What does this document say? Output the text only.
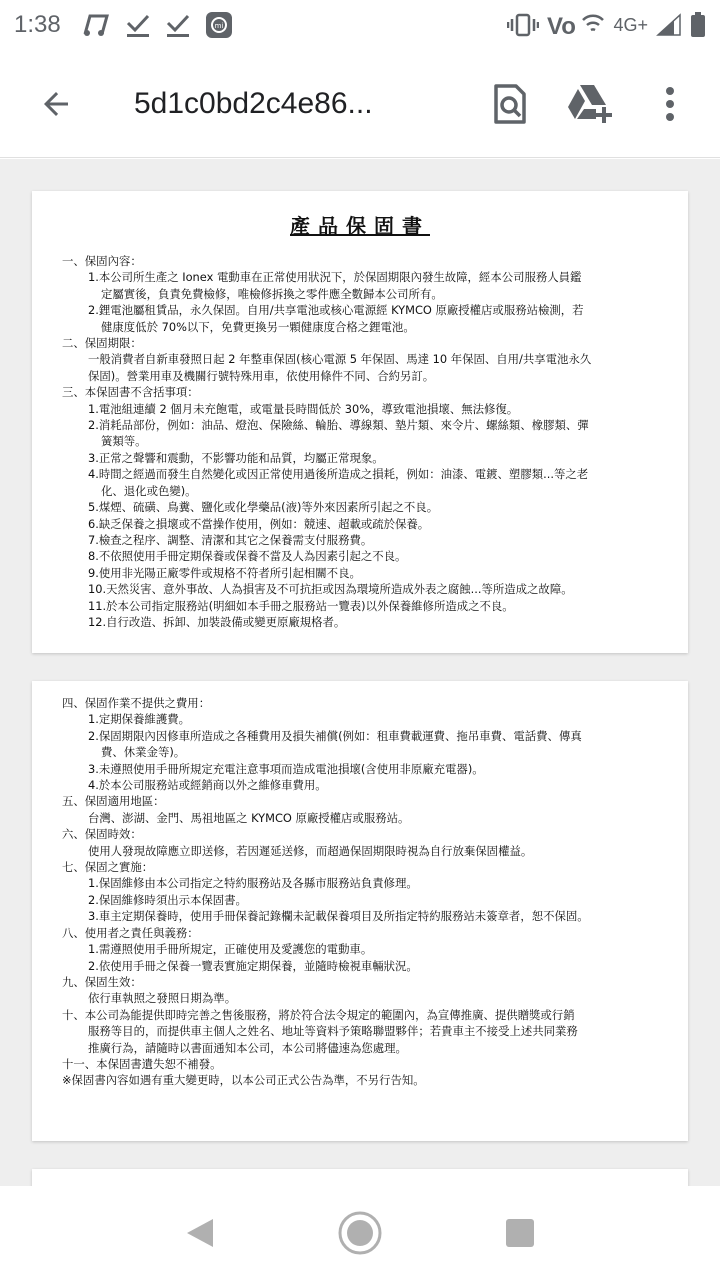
1:38	mi	Vo 4G+
5d1c0bd2c4e86...
產品保固書
一、保固內容：
1.本公司所生產之 Ionex 電動車在正常使用狀況下，於保固期限內發生故障，經本公司服務人員鑑
定屬實後，負責免費檢修，唯檢修拆換之零件應全數歸本公司所有。
2.鋰電池屬租賃品，永久保固。自用/共享電池或核心電源經 KYMCO 原廠授權店或服務站檢測，若
健康度低於 70%以下，免費更換另一顆健康度合格之鋰電池。
二、保固期限：
一般消費者自新車發照日起 2 年整車保固(核心電源 5 年保固、馬達 10 年保固、自用/共享電池永久
保固)。營業用車及機關行號特殊用車，依使用條件不同、合約另訂。
三、本保固書不含括事項：
1.電池組連續 2 個月未充飽電，或電量長時間低於 30%，導致電池損壞、無法修復。
2.消耗品部份，例如：油品、燈泡、保險絲、輪胎、導線類、墊片類、來令片、螺絲類、橡膠類、彈
簧類等。
3.正常之聲響和震動，不影響功能和品質，均屬正常現象。
4.時間之經過而發生自然變化或因正常使用過後所造成之損耗，例如：油漆、電鍍、塑膠類...等之老
化、退化或色變)。
5.煤煙、硫磺、鳥糞、鹽化或化學藥品(液)等外來因素所引起之不良。
6.缺乏保養之損壞或不當操作使用，例如：競速、超載或疏於保養。
7.檢查之程序、調整、清潔和其它之保養需支付服務費。
8.不依照使用手冊定期保養或保養不當及人為因素引起之不良。
9.使用非光陽正廠零件或規格不符者所引起相關不良。
10.天然災害、意外事故、人為損害及不可抗拒或因為環境所造成外表之腐蝕...等所造成之故障。
11.於本公司指定服務站(明細如本手冊之服務站一覽表)以外保養維修所造成之不良。
12.自行改造、拆卸、加裝設備或變更原廠規格者。
四、保固作業不提供之費用：
1.定期保養維護費。
2.保固期限內因修車所造成之各種費用及損失補償(例如：租車費載運費、拖吊車費、電話費、傳真
費、休業金等)。
3.未遵照使用手冊所規定充電注意事項而造成電池損壞(含使用非原廠充電器)。
4.於本公司服務站或經銷商以外之維修車費用。
五、保固適用地區：
台灣、澎湖、金門、馬祖地區之 KYMCO 原廠授權店或服務站。
六、保固時效：
使用人發現故障應立即送修，若因遲延送修，而超過保固期限時視為自行放棄保固權益。
七、保固之實施：
1.保固維修由本公司指定之特約服務站及各縣市服務站負責修理。
2.保固維修時須出示本保固書。
3.車主定期保養時，使用手冊保養記錄欄未記載保養項目及所指定特約服務站未簽章者，恕不保固。
八、使用者之責任與義務：
1.需遵照使用手冊所規定，正確使用及愛護您的電動車。
2.依使用手冊之保養一覽表實施定期保養，並隨時檢視車輛狀況。
九、保固生效：
依行車執照之發照日期為準。
十、本公司為能提供即時完善之售後服務，將於符合法令規定的範圍內，為宣傳推廣、提供贈獎或行銷
服務等目的，而提供車主個人之姓名、地址等資料予策略聯盟夥伴；若貴車主不接受上述共同業務
推廣行為，請隨時以書面通知本公司，本公司將儘速為您處理。
十一、本保固書遺失恕不補發。
※保固書內容如遇有重大變更時，以本公司正式公告為準，不另行告知。
